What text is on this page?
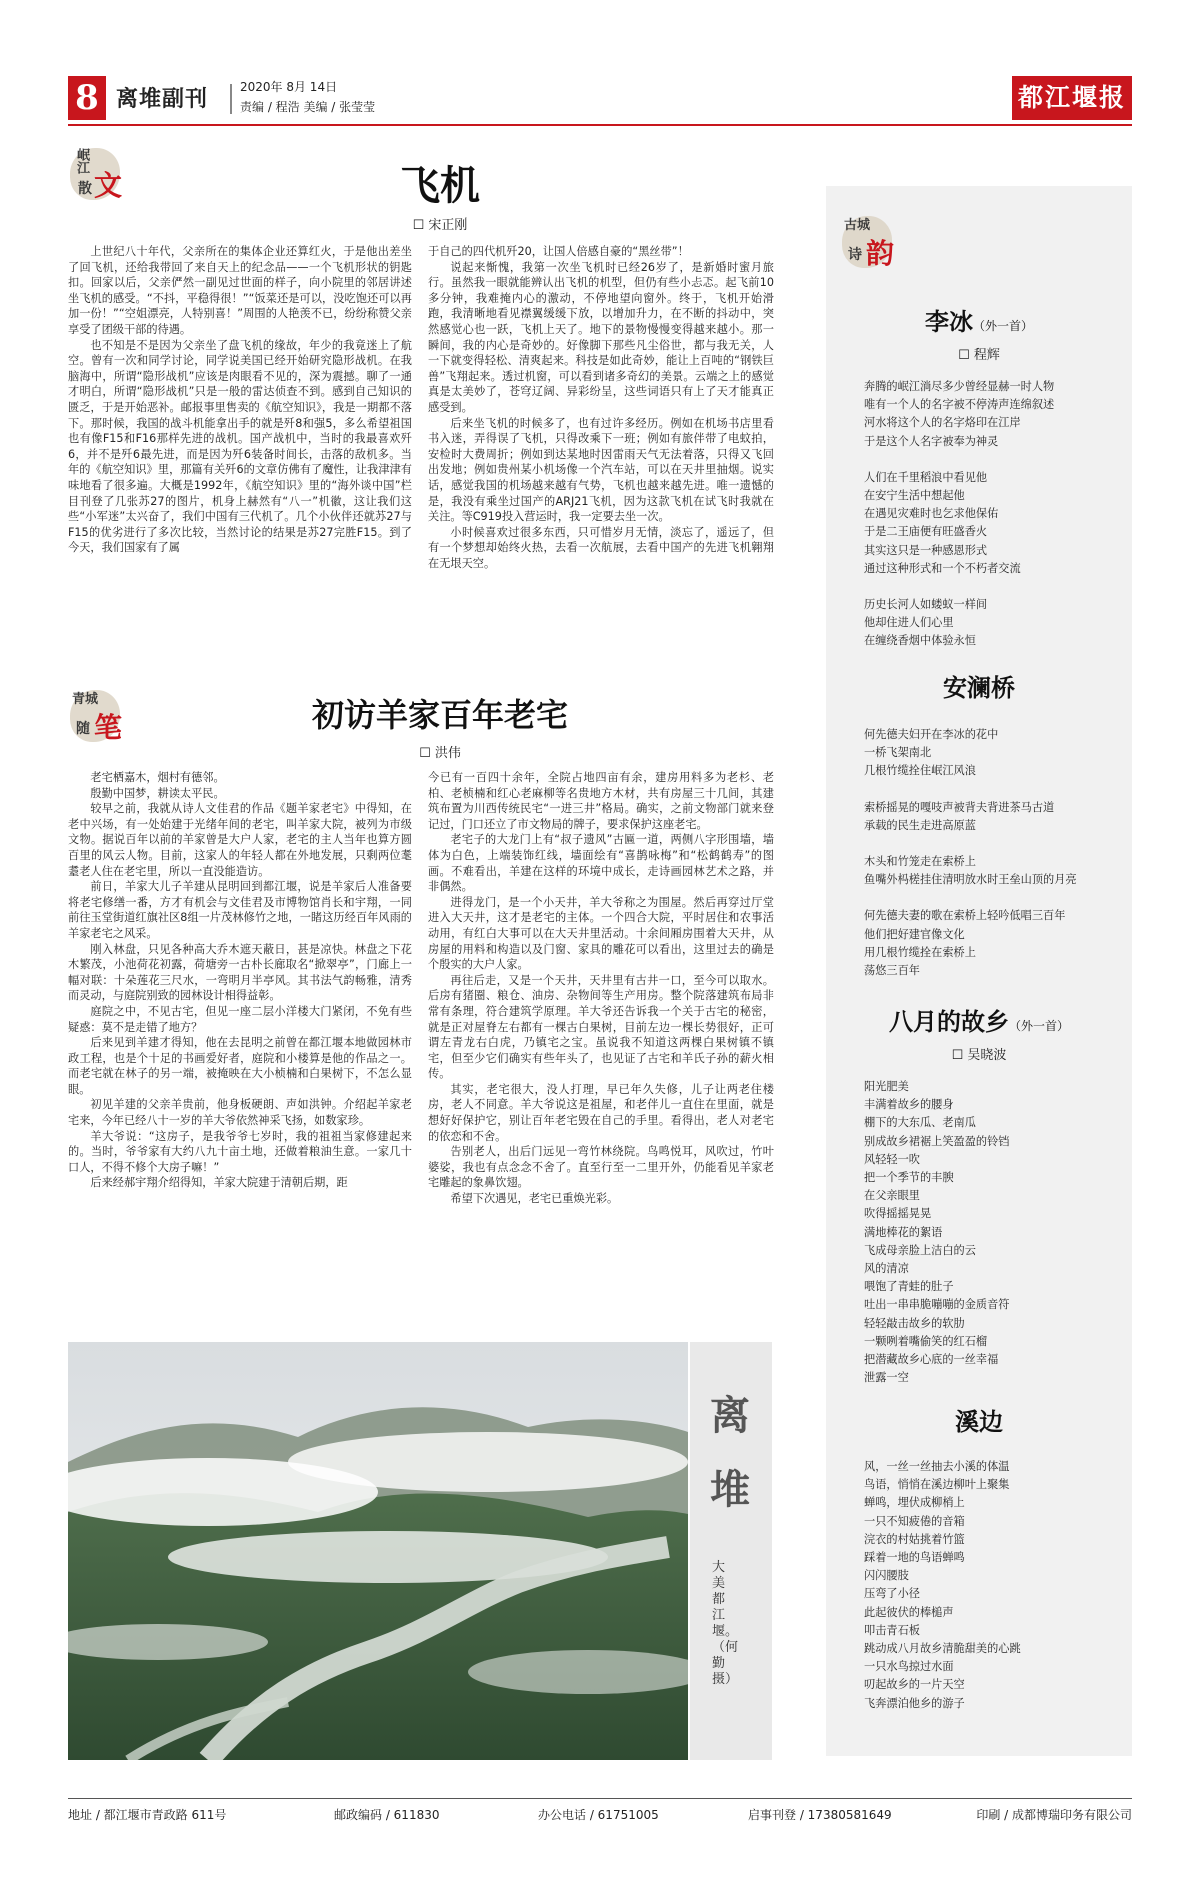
8 离堆副刊	2020年 8月 14日
责编 / 程浩 美编 / 张莹莹	都江堰报
岷江
散 文	飞机
☐ 宋正刚

上世纪八十年代，父亲所在的集体企业还算红火，于是他出差坐了回飞机，还给我带回了来自天上的纪念品——一个飞机形状的钥匙扣。回家以后，父亲俨然一副见过世面的样子，向小院里的邻居讲述坐飞机的感受。“不抖，平稳得很！”“饭菜还是可以，没吃饱还可以再加一份！”“空姐漂亮，人特别喜！”周围的人艳羡不已，纷纷称赞父亲享受了团级干部的待遇。

也不知是不是因为父亲坐了盘飞机的缘故，年少的我竟迷上了航空。曾有一次和同学讨论，同学说美国已经开始研究隐形战机。在我脑海中，所谓“隐形战机”应该是肉眼看不见的，深为震撼。聊了一通才明白，所谓“隐形战机”只是一般的雷达侦查不到。感到自己知识的匮乏，于是开始恶补。邮报事里售卖的《航空知识》，我是一期都不落下。那时候，我国的战斗机能拿出手的就是歼8和强5，多么希望祖国也有像F15和F16那样先进的战机。国产战机中，当时的我最喜欢歼6，并不是歼6最先进，而是因为歼6装备时间长，击落的敌机多。当年的《航空知识》里，那篇有关歼6的文章仿佛有了魔性，让我津津有味地看了很多遍。大概是1992年，《航空知识》里的“海外谈中国”栏目刊登了几张苏27的图片，机身上赫然有“八一”机徽，这让我们这些“小军迷”太兴奋了，我们中国有三代机了。几个小伙伴还就苏27与F15的优劣进行了多次比较，当然讨论的结果是苏27完胜F15。到了今天，我们国家有了属

于自己的四代机歼20，让国人倍感自豪的“黑丝带”！

说起来惭愧，我第一次坐飞机时已经26岁了，是新婚时蜜月旅行。虽然我一眼就能辨认出飞机的机型，但仍有些小忐忑。起飞前10多分钟，我难掩内心的激动，不停地望向窗外。终于，飞机开始滑跑，我清晰地看见襟翼缓缓下放，以增加升力，在不断的抖动中，突然感觉心也一跃，飞机上天了。地下的景物慢慢变得越来越小。那一瞬间，我的内心是奇妙的。好像脚下那些凡尘俗世，都与我无关，人一下就变得轻松、清爽起来。科技是如此奇妙，能让上百吨的“钢铁巨兽”飞翔起来。透过机窗，可以看到诸多奇幻的美景。云端之上的感觉真是太美妙了，苍穹辽阔、异彩纷呈，这些词语只有上了天才能真正感受到。

后来坐飞机的时候多了，也有过许多经历。例如在机场书店里看书入迷，弄得误了飞机，只得改乘下一班；例如有旅伴带了电蚊拍，安检时大费周折；例如到达某地时因雷雨天气无法着落，只得又飞回出发地；例如贵州某小机场像一个汽车站，可以在天井里抽烟。说实话，感觉我国的机场越来越有气势，飞机也越来越先进。唯一遗憾的是，我没有乘坐过国产的ARJ21飞机，因为这款飞机在试飞时我就在关注。等C919投入营运时，我一定要去坐一次。

小时候喜欢过很多东西，只可惜岁月无情，淡忘了，遥远了，但有一个梦想却始终火热，去看一次航展，去看中国产的先进飞机翱翔在无垠天空。

青城
随 笔	初访羊家百年老宅
☐ 洪伟

老宅栖嘉木，烟村有德邻。

殷勤中国梦，耕读太平民。

较早之前，我就从诗人文佳君的作品《题羊家老宅》中得知，在老中兴场，有一处始建于光绪年间的老宅，叫羊家大院，被列为市级文物。据说百年以前的羊家曾是大户人家，老宅的主人当年也算方圆百里的风云人物。目前，这家人的年轻人都在外地发展，只剩两位耄耋老人住在老宅里，所以一直没能造访。

前日，羊家大儿子羊建从昆明回到都江堰，说是羊家后人准备要将老宅修缮一番，方才有机会与文佳君及市博物馆肖长和宇翔，一同前往玉堂街道红旗社区8组一片茂林修竹之地，一睹这历经百年风雨的羊家老宅之风采。

刚入林盘，只见各种高大乔木遮天蔽日，甚是凉快。林盘之下花木繁茂，小池荷花初露，荷塘旁一古朴长廊取名“掀翠亭”，门廊上一幅对联：十朵莲花三尺水，一弯明月半亭风。其书法气韵畅雅，清秀而灵动，与庭院别致的园林设计相得益彰。

庭院之中，不见古宅，但见一座二层小洋楼大门紧闭，不免有些疑惑：莫不是走错了地方？

后来见到羊建才得知，他在去昆明之前曾在都江堰本地做园林市政工程，也是个十足的书画爱好者，庭院和小楼算是他的作品之一。而老宅就在林子的另一端，被掩映在大小桢楠和白果树下，不怎么显眼。

初见羊建的父亲羊贵前，他身板硬朗、声如洪钟。介绍起羊家老宅来，今年已经八十一岁的羊大爷依然神采飞扬，如数家珍。

羊大爷说：“这房子，是我爷爷七岁时，我的祖祖当家修建起来的。当时，爷爷家有大约八九十亩土地，还做着粮油生意。一家几十口人，不得不修个大房子嘛！”

后来经郝宇翔介绍得知，羊家大院建于清朝后期，距

今已有一百四十余年，全院占地四亩有余，建房用料多为老杉、老柏、老桢楠和红心老麻柳等名贵地方木材，共有房屋三十几间，其建筑布置为川西传统民宅“一进三井”格局。确实，之前文物部门就来登记过，门口还立了市文物局的牌子，要求保护这座老宅。

老宅子的大龙门上有“叔子遗风”古匾一道，两侧八字形围墙，墙体为白色，上端装饰红线，墙面绘有“喜鹊咏梅”和“松鹤鹤寿”的图画。不难看出，羊建在这样的环境中成长，走诗画园林艺术之路，并非偶然。

进得龙门，是一个小天井，羊大爷称之为围屋。然后再穿过厅堂进入大天井，这才是老宅的主体。一个四合大院，平时居住和农事活动用，有红白大事可以在大天井里活动。十余间厢房围着大天井，从房屋的用料和构造以及门窗、家具的雕花可以看出，这里过去的确是个殷实的大户人家。

再往后走，又是一个天井，天井里有古井一口，至今可以取水。后房有猪圈、粮仓、油房、杂物间等生产用房。整个院落建筑布局非常有条理，符合建筑学原理。羊大爷还告诉我一个关于古宅的秘密，就是正对屋脊左右都有一棵古白果树，目前左边一棵长势很好，正可谓左青龙右白虎，乃镇宅之宝。虽说我不知道这两棵白果树镇不镇宅，但至少它们确实有些年头了，也见证了古宅和羊氏子孙的薪火相传。

其实，老宅很大，没人打理，早已年久失修，儿子让两老住楼房，老人不同意。羊大爷说这是祖屋，和老伴儿一直住在里面，就是想好好保护它，别让百年老宅毁在自己的手里。看得出，老人对老宅的依恋和不舍。

告别老人，出后门远见一弯竹林绕院。鸟鸣悦耳，风吹过，竹叶婆娑，我也有点念念不舍了。直至行至一二里开外，仍能看见羊家老宅雕起的象鼻饮翅。

希望下次遇见，老宅已重焕光彩。

离
堆
大美都江堰。（何勤 摄）
古城
诗 韵
李冰（外一首）
☐ 程辉
奔腾的岷江淌尽多少曾经显赫一时人物
唯有一个人的名字被不停涛声连绵叙述
河水将这个人的名字烙印在江岸
于是这个人名字被奉为神灵
人们在千里稻浪中看见他
在安宁生活中想起他
在遇见灾难时也乞求他保佑
于是二王庙便有旺盛香火
其实这只是一种感恩形式
通过这种形式和一个不朽者交流
历史长河人如蝼蚁一样间
他却住进人们心里
在缠绕香烟中体验永恒
安澜桥
何先德夫妇开在李冰的花中
一桥飞架南北
几根竹缆拴住岷江风浪
索桥摇晃的嘎吱声被背夫背进茶马古道
承载的民生走进高原蓝
木头和竹笼走在索桥上
鱼嘴外杩槎挂住清明放水时王垒山顶的月亮
何先德夫妻的歌在索桥上轻吟低唱三百年
他们把好建官像文化
用几根竹缆拴在索桥上
荡悠三百年
八月的故乡（外一首）
☐ 吴晓波
阳光肥美
丰满着故乡的腰身
棚下的大东瓜、老南瓜
别成故乡裙裾上笑盈盈的铃铛
风轻轻一吹
把一个季节的丰腴
在父亲眼里
吹得摇摇晃晃
满地棒花的絮语
飞成母亲脸上洁白的云
风的清凉
喂饱了青蛙的肚子
吐出一串串脆嘣嘣的金质音符
轻轻敲击故乡的软肋
一颗咧着嘴偷笑的红石榴
把潜藏故乡心底的一丝幸福
泄露一空
溪边
风，一丝一丝抽去小溪的体温
鸟语，悄悄在溪边柳叶上聚集
蝉鸣，埋伏成柳梢上
一只不知疲倦的音箱
浣衣的村姑挑着竹篮
踩着一地的鸟语蝉鸣
闪闪腰肢
压弯了小径
此起彼伏的棒槌声
叩击青石板
跳动成八月故乡清脆甜美的心跳
一只水鸟掠过水面
叨起故乡的一片天空
飞奔漂泊他乡的游子
地址 / 都江堰市青政路 611号	邮政编码 / 611830	办公电话 / 61751005	启事刊登 / 17380581649	印刷 / 成都博瑞印务有限公司
